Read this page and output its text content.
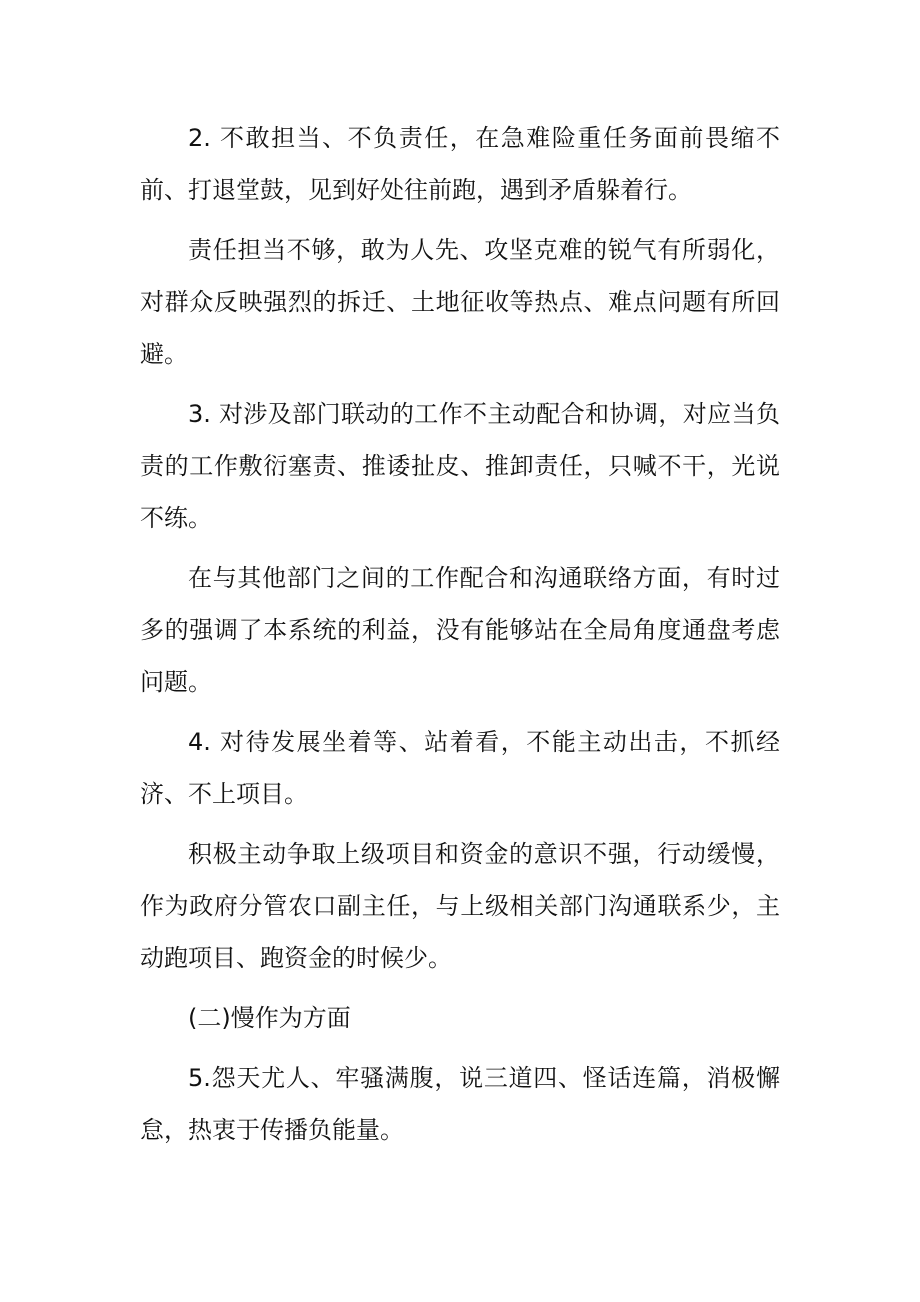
2. 不敢担当、不负责任，在急难险重任务面前畏缩不前、打退堂鼓，见到好处往前跑，遇到矛盾躲着行。

责任担当不够，敢为人先、攻坚克难的锐气有所弱化，对群众反映强烈的拆迁、土地征收等热点、难点问题有所回避。

3. 对涉及部门联动的工作不主动配合和协调，对应当负责的工作敷衍塞责、推诿扯皮、推卸责任，只喊不干，光说不练。

在与其他部门之间的工作配合和沟通联络方面，有时过多的强调了本系统的利益，没有能够站在全局角度通盘考虑问题。

4. 对待发展坐着等、站着看，不能主动出击，不抓经济、不上项目。

积极主动争取上级项目和资金的意识不强，行动缓慢，作为政府分管农口副主任，与上级相关部门沟通联系少，主动跑项目、跑资金的时候少。

(二)慢作为方面

5.怨天尤人、牢骚满腹，说三道四、怪话连篇，消极懈怠，热衷于传播负能量。
